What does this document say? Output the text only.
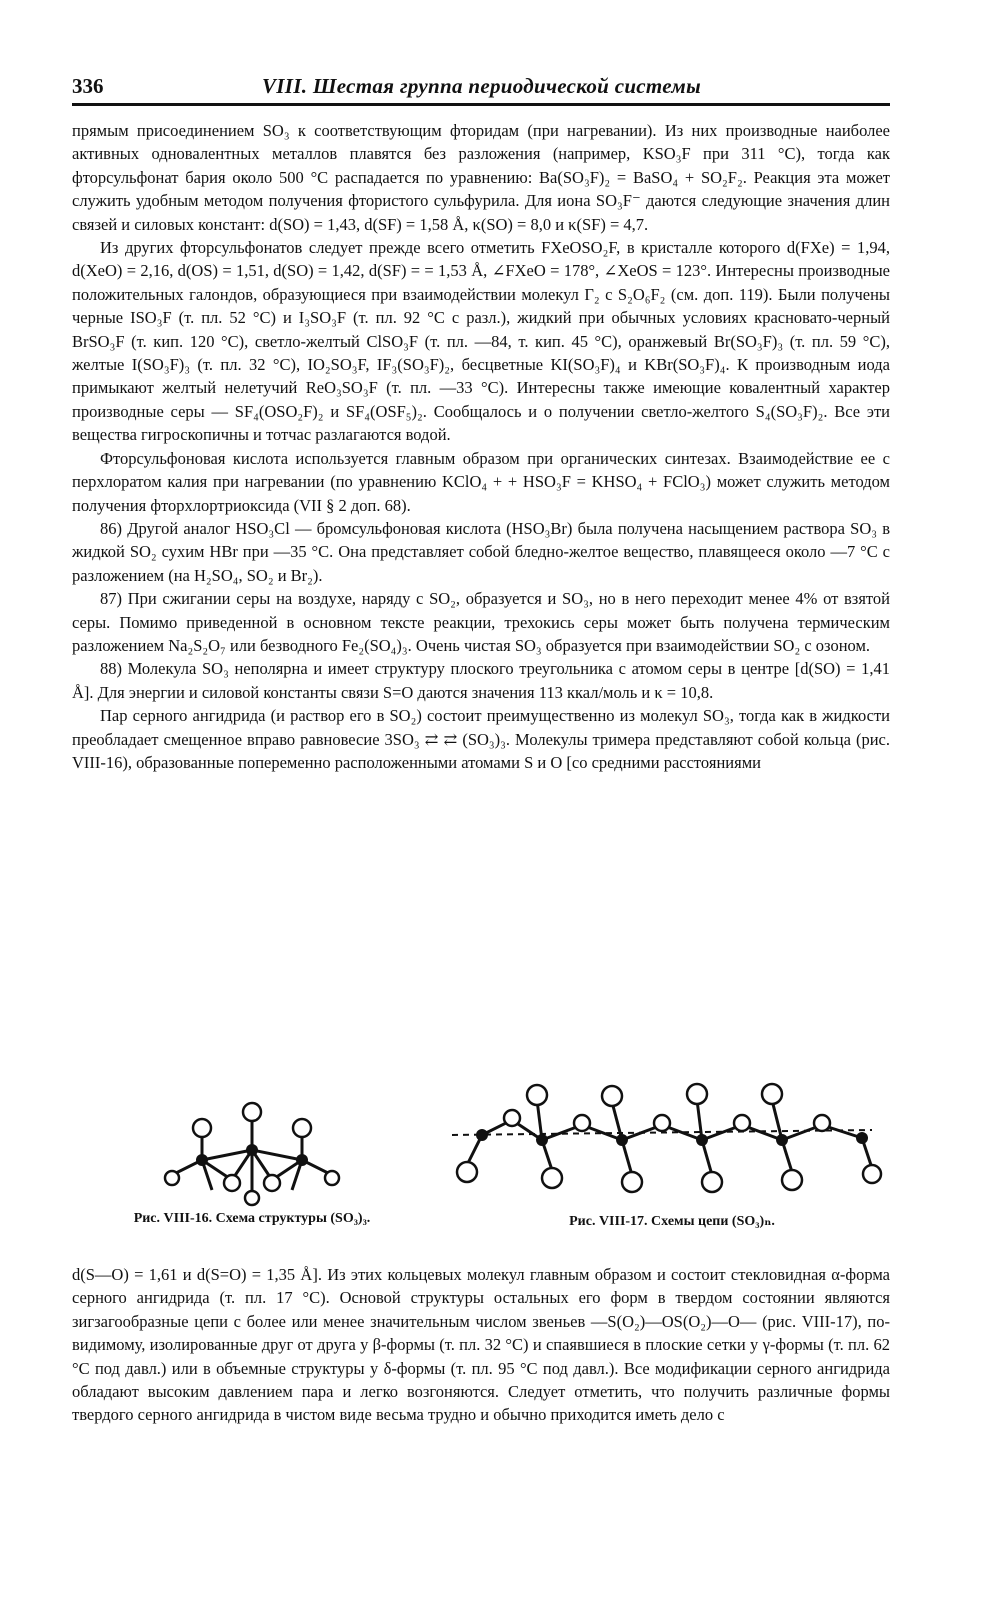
336	VIII. Шестая группа периодической системы

прямым присоединением SO₃ к соответствующим фторидам (при нагревании). Из них производные наиболее активных одновалентных металлов плавятся без разложения (например, KSO₃F при 311 °C), тогда как фторсульфонат бария около 500 °C распадается по уравнению: Ba(SO₃F)₂ = BaSO₄ + SO₂F₂. Реакция эта может служить удобным методом получения фтористого сульфурила. Для иона SO₃F⁻ даются следующие значения длин связей и силовых констант: d(SO) = 1,43, d(SF) = 1,58 Å, κ(SO) = 8,0 и κ(SF) = 4,7.

Из других фторсульфонатов следует прежде всего отметить FXeOSO₂F, в кристалле которого d(FXe) = 1,94, d(XeO) = 2,16, d(OS) = 1,51, d(SO) = 1,42, d(SF) = = 1,53 Å, ∠FXeO = 178°, ∠XeOS = 123°. Интересны производные положительных галондов, образующиеся при взаимодействии молекул Г₂ с S₂O₆F₂ (см. доп. 119). Были получены черные ISO₃F (т. пл. 52 °C) и I₃SO₃F (т. пл. 92 °C с разл.), жидкий при обычных условиях красновато-черный BrSO₃F (т. кип. 120 °C), светло-желтый ClSO₃F (т. пл. —84, т. кип. 45 °C), оранжевый Br(SO₃F)₃ (т. пл. 59 °C), желтые I(SO₃F)₃ (т. пл. 32 °C), IO₂SO₃F, IF₃(SO₃F)₂, бесцветные KI(SO₃F)₄ и KBr(SO₃F)₄. К производным иода примыкают желтый нелетучий ReO₃SO₃F (т. пл. —33 °C). Интересны также имеющие ковалентный характер производные серы — SF₄(OSO₂F)₂ и SF₄(OSF₅)₂. Сообщалось и о получении светло-желтого S₄(SO₃F)₂. Все эти вещества гигроскопичны и тотчас разлагаются водой.

Фторсульфоновая кислота используется главным образом при органических синтезах. Взаимодействие ее с перхлоратом калия при нагревании (по уравнению KClO₄ + + HSO₃F = KHSO₄ + FClO₃) может служить методом получения фторхлортриоксида (VII § 2 доп. 68).

86) Другой аналог HSO₃Cl — бромсульфоновая кислота (HSO₃Br) была получена насыщением раствора SO₃ в жидкой SO₂ сухим HBr при —35 °C. Она представляет собой бледно-желтое вещество, плавящееся около —7 °C с разложением (на H₂SO₄, SO₂ и Br₂).

87) При сжигании серы на воздухе, наряду с SO₂, образуется и SO₃, но в него переходит менее 4% от взятой серы. Помимо приведенной в основном тексте реакции, трехокись серы может быть получена термическим разложением Na₂S₂O₇ или безводного Fe₂(SO₄)₃. Очень чистая SO₃ образуется при взаимодействии SO₂ с озоном.

88) Молекула SO₃ неполярна и имеет структуру плоского треугольника с атомом серы в центре [d(SO) = 1,41 Å]. Для энергии и силовой константы связи S=O даются значения 113 ккал/моль и κ = 10,8.

Пар серного ангидрида (и раствор его в SO₂) состоит преимущественно из молекул SO₃, тогда как в жидкости преобладает смещенное вправо равновесие 3SO₃ ⇄ ⇄ (SO₃)₃. Молекулы тримера представляют собой кольца (рис. VIII-16), образованные попеременно расположенными атомами S и O [со средними расстояниями

Рис. VIII-16. Схема структуры (SO₃)₃.	Рис. VIII-17. Схемы цепи (SO₃)ₙ.

d(S—O) = 1,61 и d(S=O) = 1,35 Å]. Из этих кольцевых молекул главным образом и состоит стекловидная α-форма серного ангидрида (т. пл. 17 °C). Основой структуры остальных его форм в твердом состоянии являются зигзагообразные цепи с более или менее значительным числом звеньев —S(O₂)—OS(O₂)—O— (рис. VIII-17), по-видимому, изолированные друг от друга у β-формы (т. пл. 32 °C) и спаявшиеся в плоские сетки у γ-формы (т. пл. 62 °C под давл.) или в объемные структуры у δ-формы (т. пл. 95 °C под давл.). Все модификации серного ангидрида обладают высоким давлением пара и легко возгоняются. Следует отметить, что получить различные формы твердого серного ангидрида в чистом виде весьма трудно и обычно приходится иметь дело с
